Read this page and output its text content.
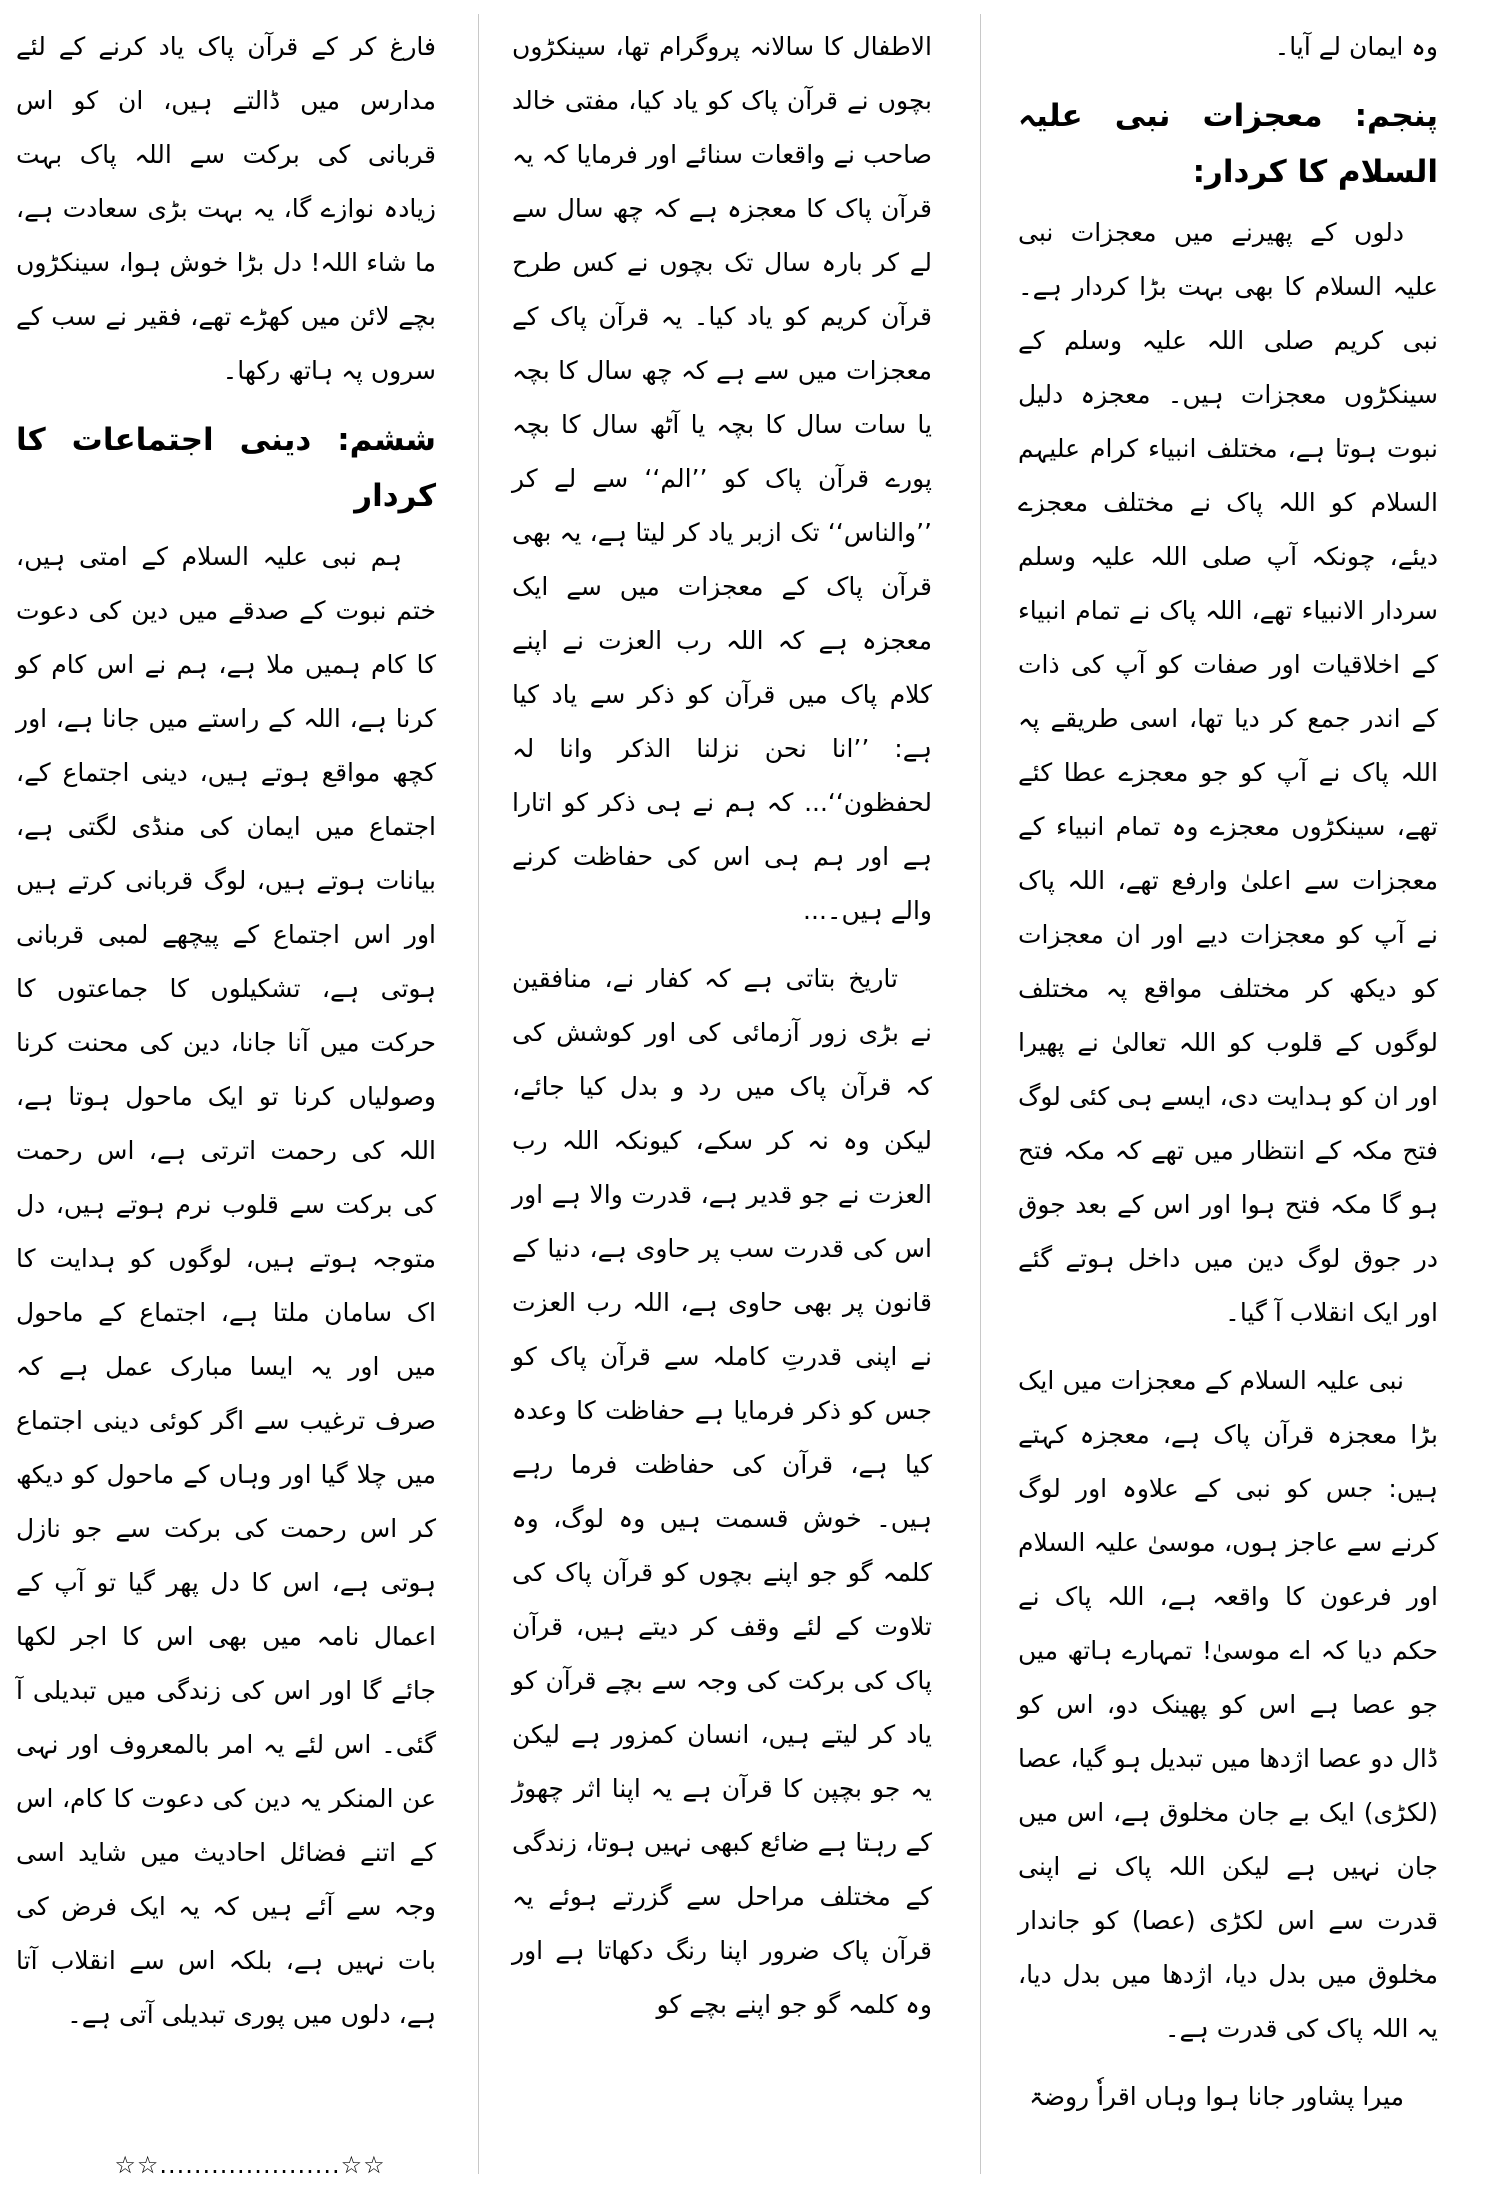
وہ ایمان لے آیا۔

پنجم: معجزات نبی علیہ السلام کا کردار:

دلوں کے پھیرنے میں معجزات نبی علیہ السلام کا بھی بہت بڑا کردار ہے۔ نبی کریم صلی اللہ علیہ وسلم کے سینکڑوں معجزات ہیں۔ معجزہ دلیل نبوت ہوتا ہے، مختلف انبیاء کرام علیہم السلام کو اللہ پاک نے مختلف معجزے دیئے، چونکہ آپ صلی اللہ علیہ وسلم سردار الانبیاء تھے، اللہ پاک نے تمام انبیاء کے اخلاقیات اور صفات کو آپ کی ذات کے اندر جمع کر دیا تھا، اسی طریقے پہ اللہ پاک نے آپ کو جو معجزے عطا کئے تھے، سینکڑوں معجزے وہ تمام انبیاء کے معجزات سے اعلیٰ وارفع تھے، اللہ پاک نے آپ کو معجزات دیے اور ان معجزات کو دیکھ کر مختلف مواقع پہ مختلف لوگوں کے قلوب کو اللہ تعالیٰ نے پھیرا اور ان کو ہدایت دی، ایسے ہی کئی لوگ فتح مکہ کے انتظار میں تھے کہ مکہ فتح ہو گا مکہ فتح ہوا اور اس کے بعد جوق در جوق لوگ دین میں داخل ہوتے گئے اور ایک انقلاب آ گیا۔

نبی علیہ السلام کے معجزات میں ایک بڑا معجزہ قرآن پاک ہے، معجزہ کہتے ہیں: جس کو نبی کے علاوہ اور لوگ کرنے سے عاجز ہوں، موسیٰ علیہ السلام اور فرعون کا واقعہ ہے، اللہ پاک نے حکم دیا کہ اے موسیٰ! تمہارے ہاتھ میں جو عصا ہے اس کو پھینک دو، اس کو ڈال دو عصا اژدھا میں تبدیل ہو گیا، عصا (لکڑی) ایک بے جان مخلوق ہے، اس میں جان نہیں ہے لیکن اللہ پاک نے اپنی قدرت سے اس لکڑی (عصا) کو جاندار مخلوق میں بدل دیا، اژدھا میں بدل دیا، یہ اللہ پاک کی قدرت ہے۔

میرا پشاور جانا ہوا وہاں اقراٗ روضۃ

الاطفال کا سالانہ پروگرام تھا، سینکڑوں بچوں نے قرآن پاک کو یاد کیا، مفتی خالد صاحب نے واقعات سنائے اور فرمایا کہ یہ قرآن پاک کا معجزہ ہے کہ چھ سال سے لے کر بارہ سال تک بچوں نے کس طرح قرآن کریم کو یاد کیا۔ یہ قرآن پاک کے معجزات میں سے ہے کہ چھ سال کا بچہ یا سات سال کا بچہ یا آٹھ سال کا بچہ پورے قرآن پاک کو ’’الم‘‘ سے لے کر ’’والناس‘‘ تک ازبر یاد کر لیتا ہے، یہ بھی قرآن پاک کے معجزات میں سے ایک معجزہ ہے کہ اللہ رب العزت نے اپنے کلام پاک میں قرآن کو ذکر سے یاد کیا ہے: ’’انا نحن نزلنا الذکر وانا لہ لحفظون‘‘... کہ ہم نے ہی ذکر کو اتارا ہے اور ہم ہی اس کی حفاظت کرنے والے ہیں۔...

تاریخ بتاتی ہے کہ کفار نے، منافقین نے بڑی زور آزمائی کی اور کوشش کی کہ قرآن پاک میں رد و بدل کیا جائے، لیکن وہ نہ کر سکے، کیونکہ اللہ رب العزت نے جو قدیر ہے، قدرت والا ہے اور اس کی قدرت سب پر حاوی ہے، دنیا کے قانون پر بھی حاوی ہے، اللہ رب العزت نے اپنی قدرتِ کاملہ سے قرآن پاک کو جس کو ذکر فرمایا ہے حفاظت کا وعدہ کیا ہے، قرآن کی حفاظت فرما رہے ہیں۔ خوش قسمت ہیں وہ لوگ، وہ کلمہ گو جو اپنے بچوں کو قرآن پاک کی تلاوت کے لئے وقف کر دیتے ہیں، قرآن پاک کی برکت کی وجہ سے بچے قرآن کو یاد کر لیتے ہیں، انسان کمزور ہے لیکن یہ جو بچپن کا قرآن ہے یہ اپنا اثر چھوڑ کے رہتا ہے ضائع کبھی نہیں ہوتا، زندگی کے مختلف مراحل سے گزرتے ہوئے یہ قرآن پاک ضرور اپنا رنگ دکھاتا ہے اور وہ کلمہ گو جو اپنے بچے کو

فارغ کر کے قرآن پاک یاد کرنے کے لئے مدارس میں ڈالتے ہیں، ان کو اس قربانی کی برکت سے اللہ پاک بہت زیادہ نوازے گا، یہ بہت بڑی سعادت ہے، ما شاء اللہ! دل بڑا خوش ہوا، سینکڑوں بچے لائن میں کھڑے تھے، فقیر نے سب کے سروں پہ ہاتھ رکھا۔

ششم: دینی اجتماعات کا کردار

ہم نبی علیہ السلام کے امتی ہیں، ختم نبوت کے صدقے میں دین کی دعوت کا کام ہمیں ملا ہے، ہم نے اس کام کو کرنا ہے، اللہ کے راستے میں جانا ہے، اور کچھ مواقع ہوتے ہیں، دینی اجتماع کے، اجتماع میں ایمان کی منڈی لگتی ہے، بیانات ہوتے ہیں، لوگ قربانی کرتے ہیں اور اس اجتماع کے پیچھے لمبی قربانی ہوتی ہے، تشکیلوں کا جماعتوں کا حرکت میں آنا جانا، دین کی محنت کرنا وصولیاں کرنا تو ایک ماحول ہوتا ہے، اللہ کی رحمت اترتی ہے، اس رحمت کی برکت سے قلوب نرم ہوتے ہیں، دل متوجہ ہوتے ہیں، لوگوں کو ہدایت کا اک سامان ملتا ہے، اجتماع کے ماحول میں اور یہ ایسا مبارک عمل ہے کہ صرف ترغیب سے اگر کوئی دینی اجتماع میں چلا گیا اور وہاں کے ماحول کو دیکھ کر اس رحمت کی برکت سے جو نازل ہوتی ہے، اس کا دل پھر گیا تو آپ کے اعمال نامہ میں بھی اس کا اجر لکھا جائے گا اور اس کی زندگی میں تبدیلی آ گئی۔ اس لئے یہ امر بالمعروف اور نہی عن المنکر یہ دین کی دعوت کا کام، اس کے اتنے فضائل احادیث میں شاید اسی وجہ سے آئے ہیں کہ یہ ایک فرض کی بات نہیں ہے، بلکہ اس سے انقلاب آتا ہے، دلوں میں پوری تبدیلی آتی ہے۔

☆☆.....................☆☆
